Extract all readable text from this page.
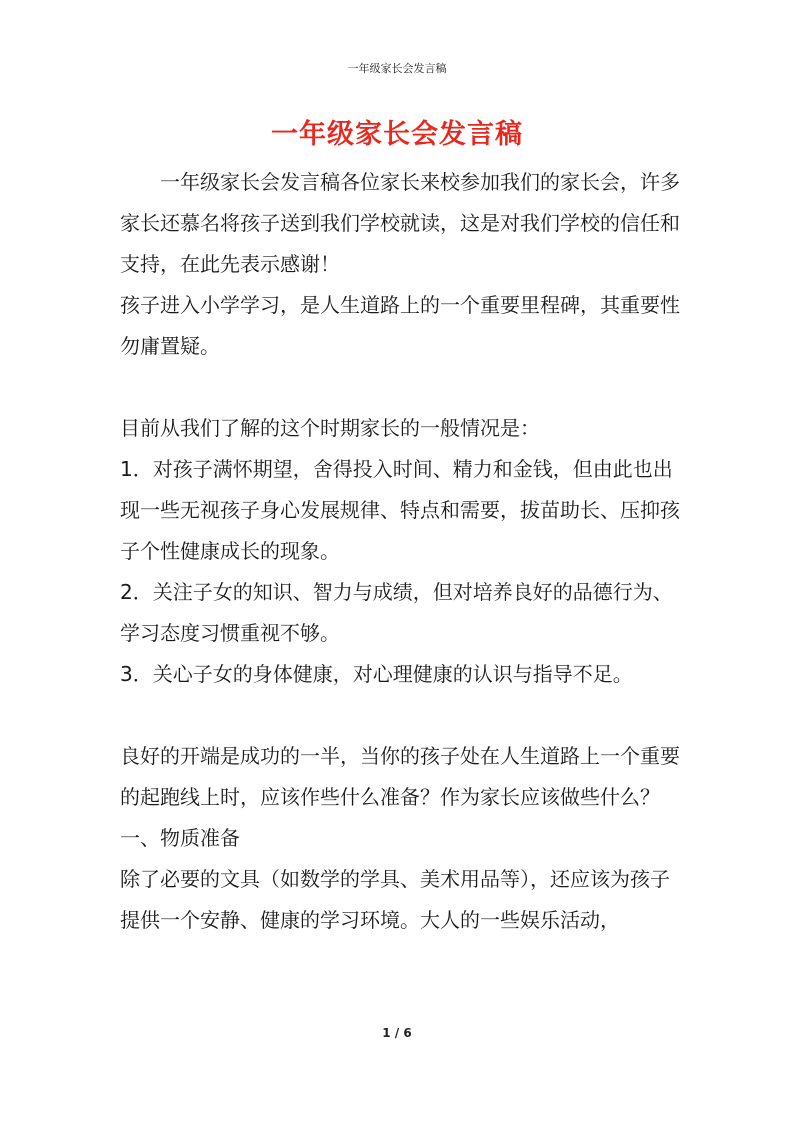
一年级家长会发言稿
一年级家长会发言稿

一年级家长会发言稿各位家长来校参加我们的家长会，许多家长还慕名将孩子送到我们学校就读，这是对我们学校的信任和支持，在此先表示感谢！

孩子进入小学学习，是人生道路上的一个重要里程碑，其重要性勿庸置疑。

目前从我们了解的这个时期家长的一般情况是：

1．对孩子满怀期望，舍得投入时间、精力和金钱，但由此也出现一些无视孩子身心发展规律、特点和需要，拔苗助长、压抑孩子个性健康成长的现象。

2．关注子女的知识、智力与成绩，但对培养良好的品德行为、学习态度习惯重视不够。

3．关心子女的身体健康，对心理健康的认识与指导不足。

良好的开端是成功的一半，当你的孩子处在人生道路上一个重要的起跑线上时，应该作些什么准备？作为家长应该做些什么？

一、物质准备

除了必要的文具（如数学的学具、美术用品等），还应该为孩子提供一个安静、健康的学习环境。大人的一些娱乐活动，

1 / 6
